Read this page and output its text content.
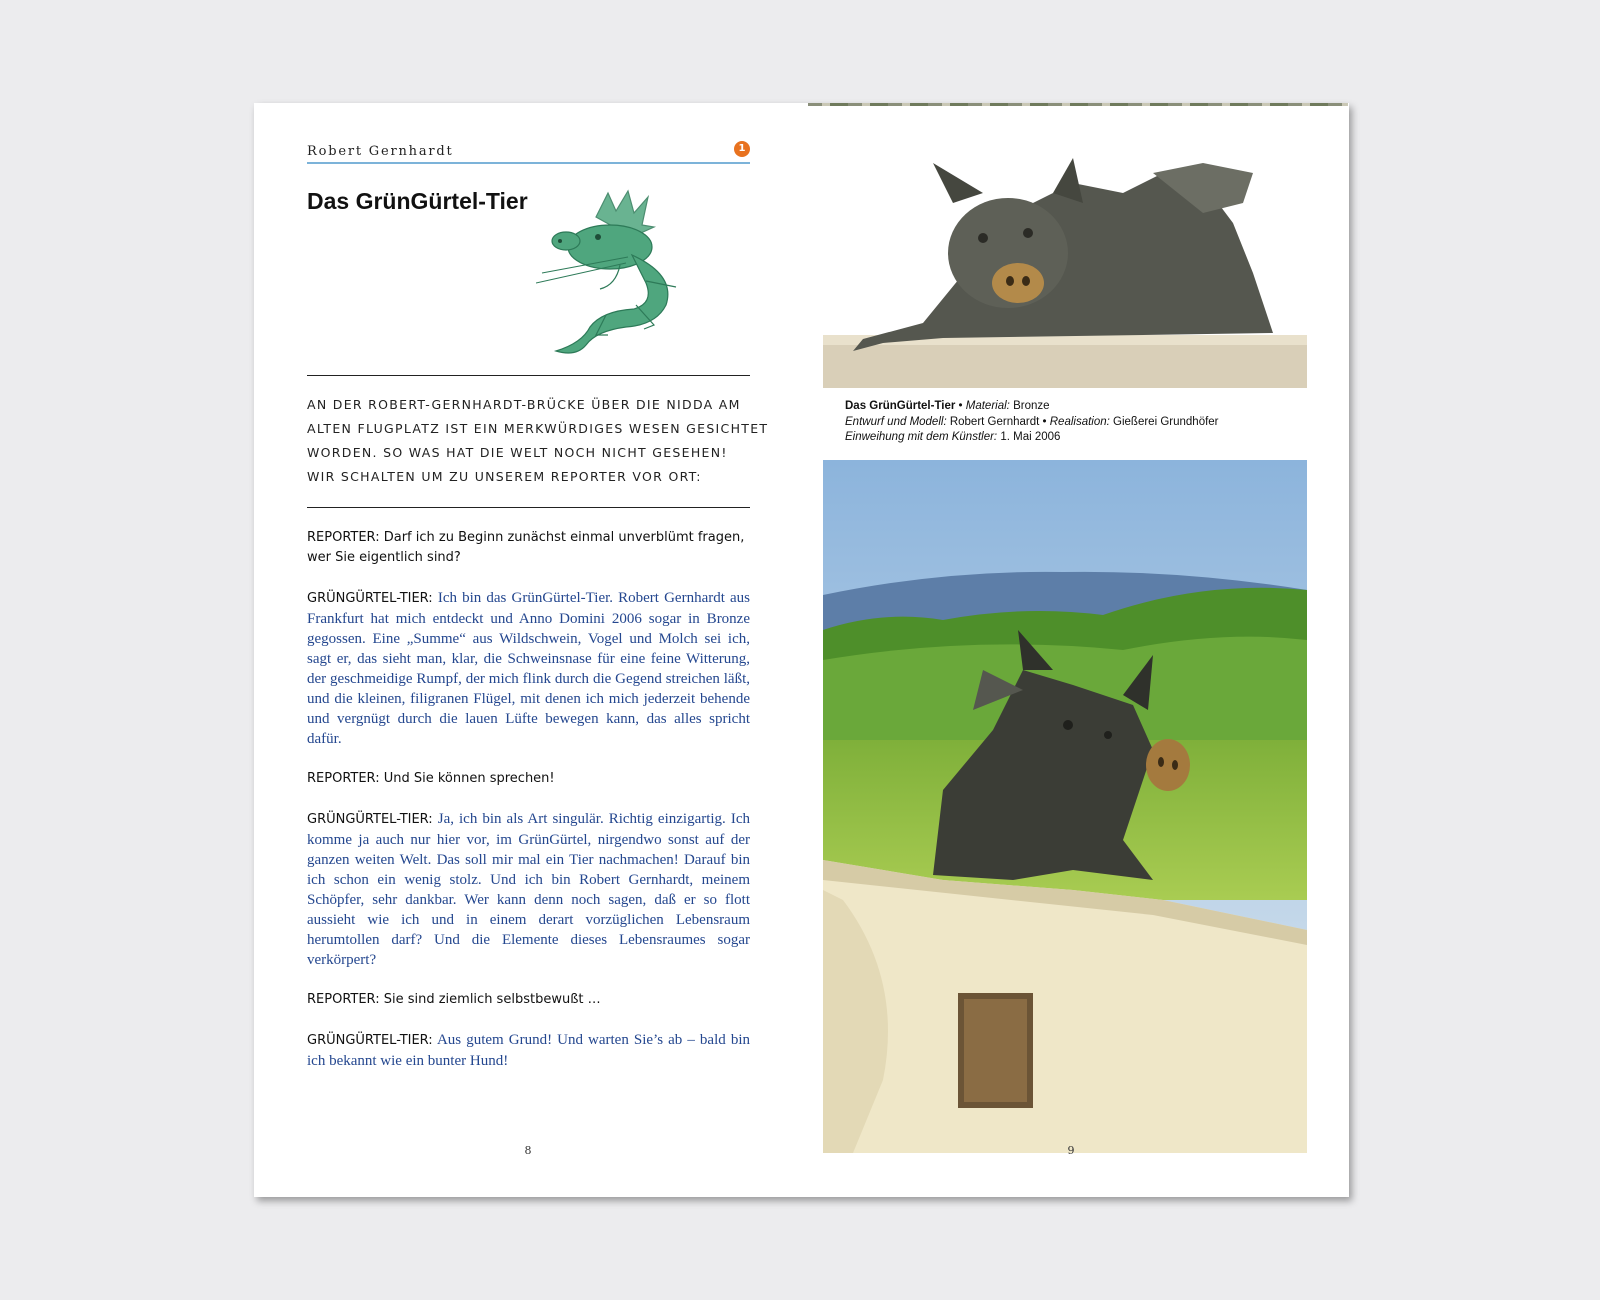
Robert Gernhardt	1
Das GrünGürtel-Tier
AN DER ROBERT-GERNHARDT-BRÜCKE ÜBER DIE NIDDA AM
ALTEN FLUGPLATZ IST EIN MERKWÜRDIGES WESEN GESICHTET
WORDEN. SO WAS HAT DIE WELT NOCH NICHT GESEHEN!
WIR SCHALTEN UM ZU UNSEREM REPORTER VOR ORT:

REPORTER: Darf ich zu Beginn zunächst einmal unverblümt fragen, wer Sie eigentlich sind?

GRÜNGÜRTEL-TIER: Ich bin das GrünGürtel-Tier. Robert Gernhardt aus Frankfurt hat mich entdeckt und Anno Domini 2006 sogar in Bronze gegossen. Eine „Summe“ aus Wildschwein, Vogel und Molch sei ich, sagt er, das sieht man, klar, die Schweinsnase für eine feine Witterung, der geschmeidige Rumpf, der mich flink durch die Gegend streichen läßt, und die kleinen, filigranen Flügel, mit denen ich mich jederzeit behende und vergnügt durch die lauen Lüfte bewegen kann, das alles spricht dafür.

REPORTER: Und Sie können sprechen!

GRÜNGÜRTEL-TIER: Ja, ich bin als Art singulär. Richtig einzigartig. Ich komme ja auch nur hier vor, im GrünGürtel, nirgendwo sonst auf der ganzen weiten Welt. Das soll mir mal ein Tier nachmachen! Darauf bin ich schon ein wenig stolz. Und ich bin Robert Gernhardt, meinem Schöpfer, sehr dankbar. Wer kann denn noch sagen, daß er so flott aussieht wie ich und in einem derart vorzüglichen Lebensraum herumtollen darf? Und die Elemente dieses Lebensraumes sogar verkörpert?

REPORTER: Sie sind ziemlich selbstbewußt …

GRÜNGÜRTEL-TIER: Aus gutem Grund! Und warten Sie’s ab – bald bin ich bekannt wie ein bunter Hund!

8
Das GrünGürtel-Tier • Material: Bronze
Entwurf und Modell: Robert Gernhardt • Realisation: Gießerei Grundhöfer
Einweihung mit dem Künstler: 1. Mai 2006
9
